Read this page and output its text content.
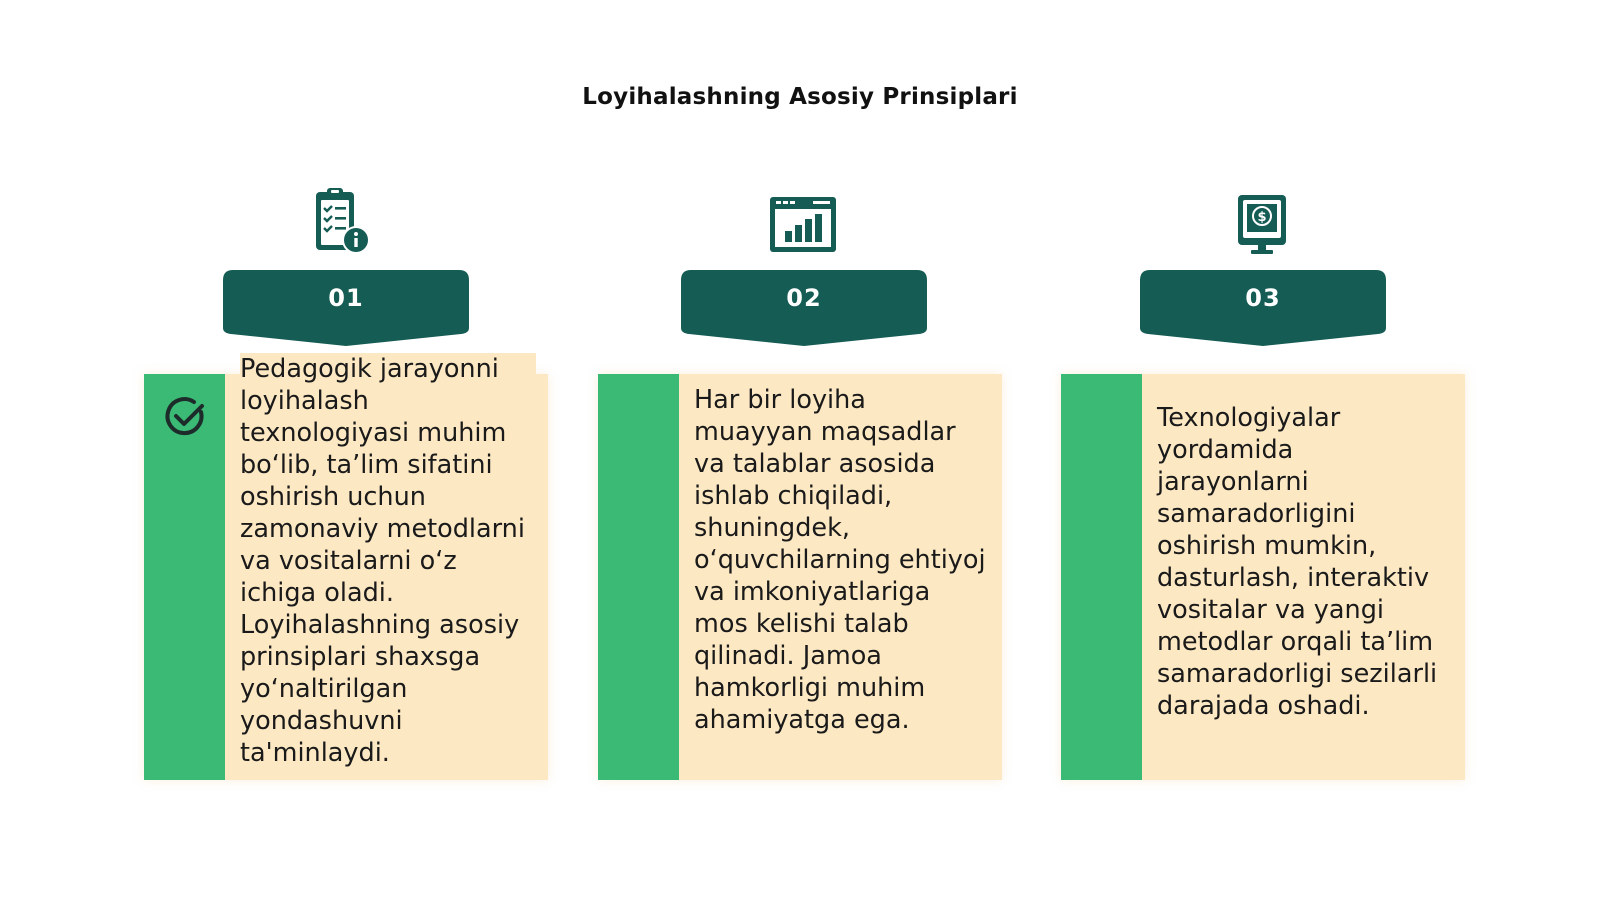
Loyihalashning Asosiy Prinsiplari
01
Pedagogik jarayonni loyihalash texnologiyasi muhim bo‘lib, ta’lim sifatini oshirish uchun zamonaviy metodlarni va vositalarni o‘z ichiga oladi. Loyihalashning asosiy prinsiplari shaxsga yo‘naltirilgan yondashuvni ta'minlaydi.
02
Har bir loyiha muayyan maqsadlar va talablar asosida ishlab chiqiladi, shuningdek, o‘quvchilarning ehtiyoj va imkoniyatlariga mos kelishi talab qilinadi. Jamoa hamkorligi muhim ahamiyatga ega.
$
03
Texnologiyalar yordamida jarayonlarni samaradorligini oshirish mumkin, dasturlash, interaktiv vositalar va yangi metodlar orqali ta’lim samaradorligi sezilarli darajada oshadi.
